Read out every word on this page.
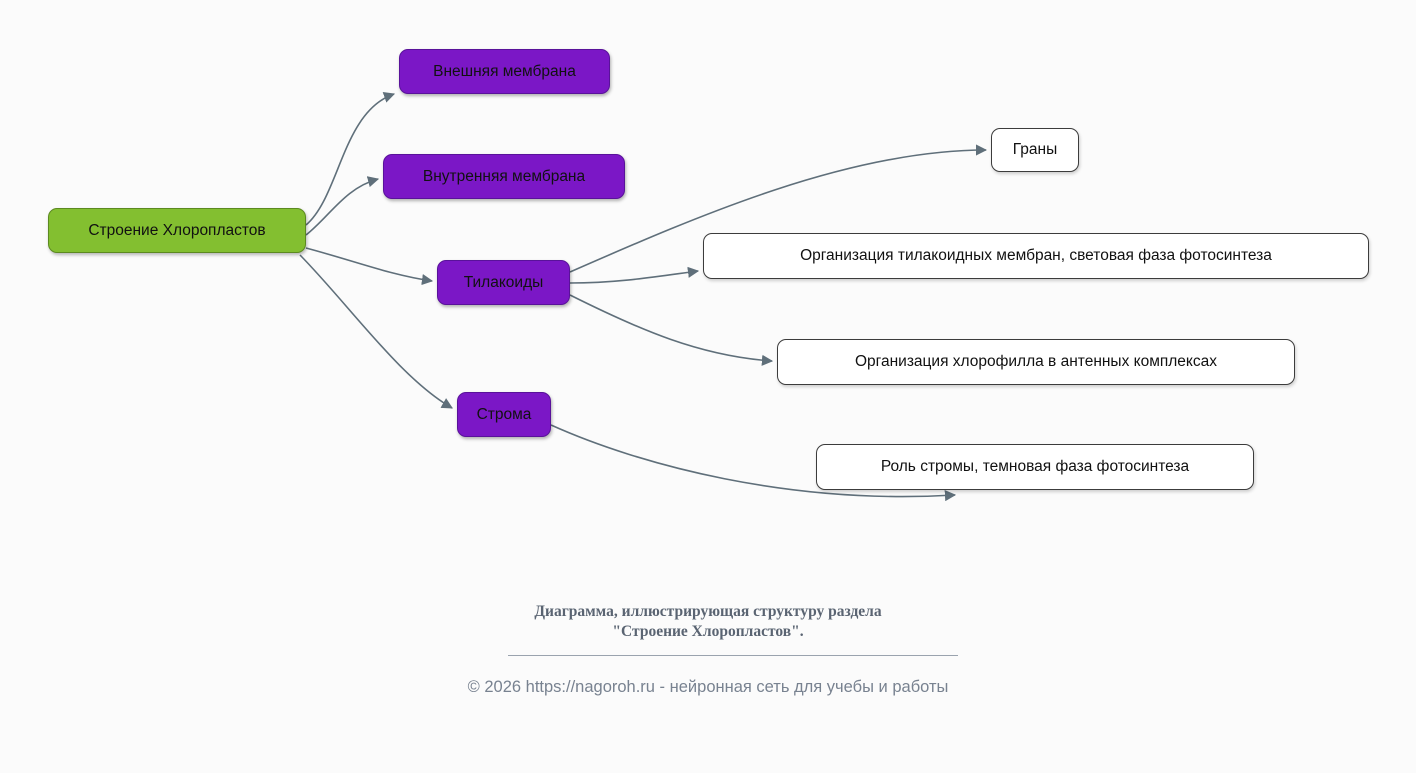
Строение Хлоропластов
Внешняя мембрана
Внутренняя мембрана
Тилакоиды
Строма
Граны
Организация тилакоидных мембран, световая фаза фотосинтеза
Организация хлорофилла в антенных комплексах
Роль стромы, темновая фаза фотосинтеза
Диаграмма, иллюстрирующая структуру раздела
"Строение Хлоропластов".
© 2026 https://nagoroh.ru - нейронная сеть для учебы и работы
